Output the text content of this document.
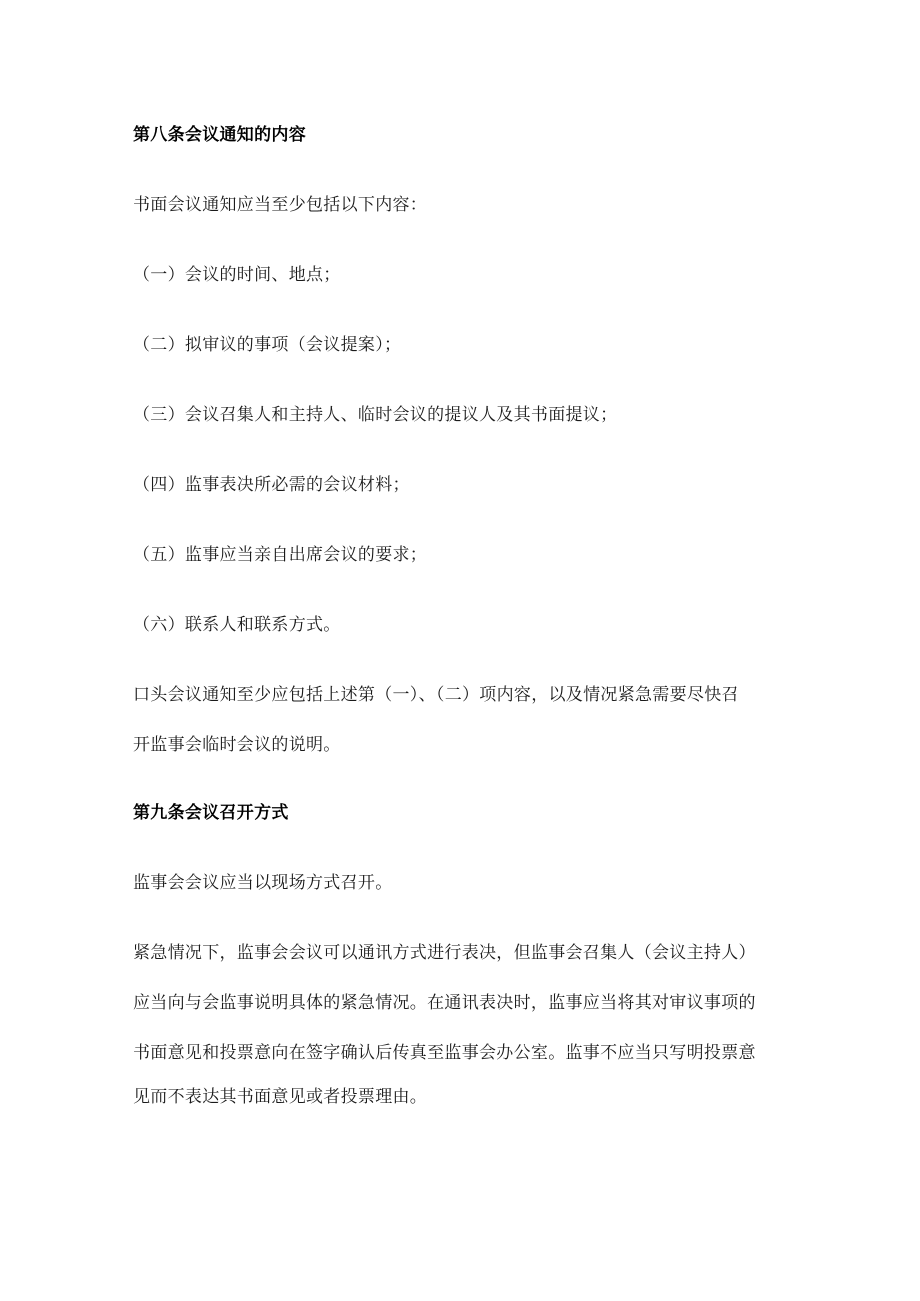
第八条会议通知的内容
书面会议通知应当至少包括以下内容：
（一）会议的时间、地点；
（二）拟审议的事项（会议提案）；
（三）会议召集人和主持人、临时会议的提议人及其书面提议；
（四）监事表决所必需的会议材料；
（五）监事应当亲自出席会议的要求；
（六）联系人和联系方式。
口头会议通知至少应包括上述第（一）、（二）项内容，以及情况紧急需要尽快召
开监事会临时会议的说明。
第九条会议召开方式
监事会会议应当以现场方式召开。
紧急情况下，监事会会议可以通讯方式进行表决，但监事会召集人（会议主持人）
应当向与会监事说明具体的紧急情况。在通讯表决时，监事应当将其对审议事项的
书面意见和投票意向在签字确认后传真至监事会办公室。监事不应当只写明投票意
见而不表达其书面意见或者投票理由。
